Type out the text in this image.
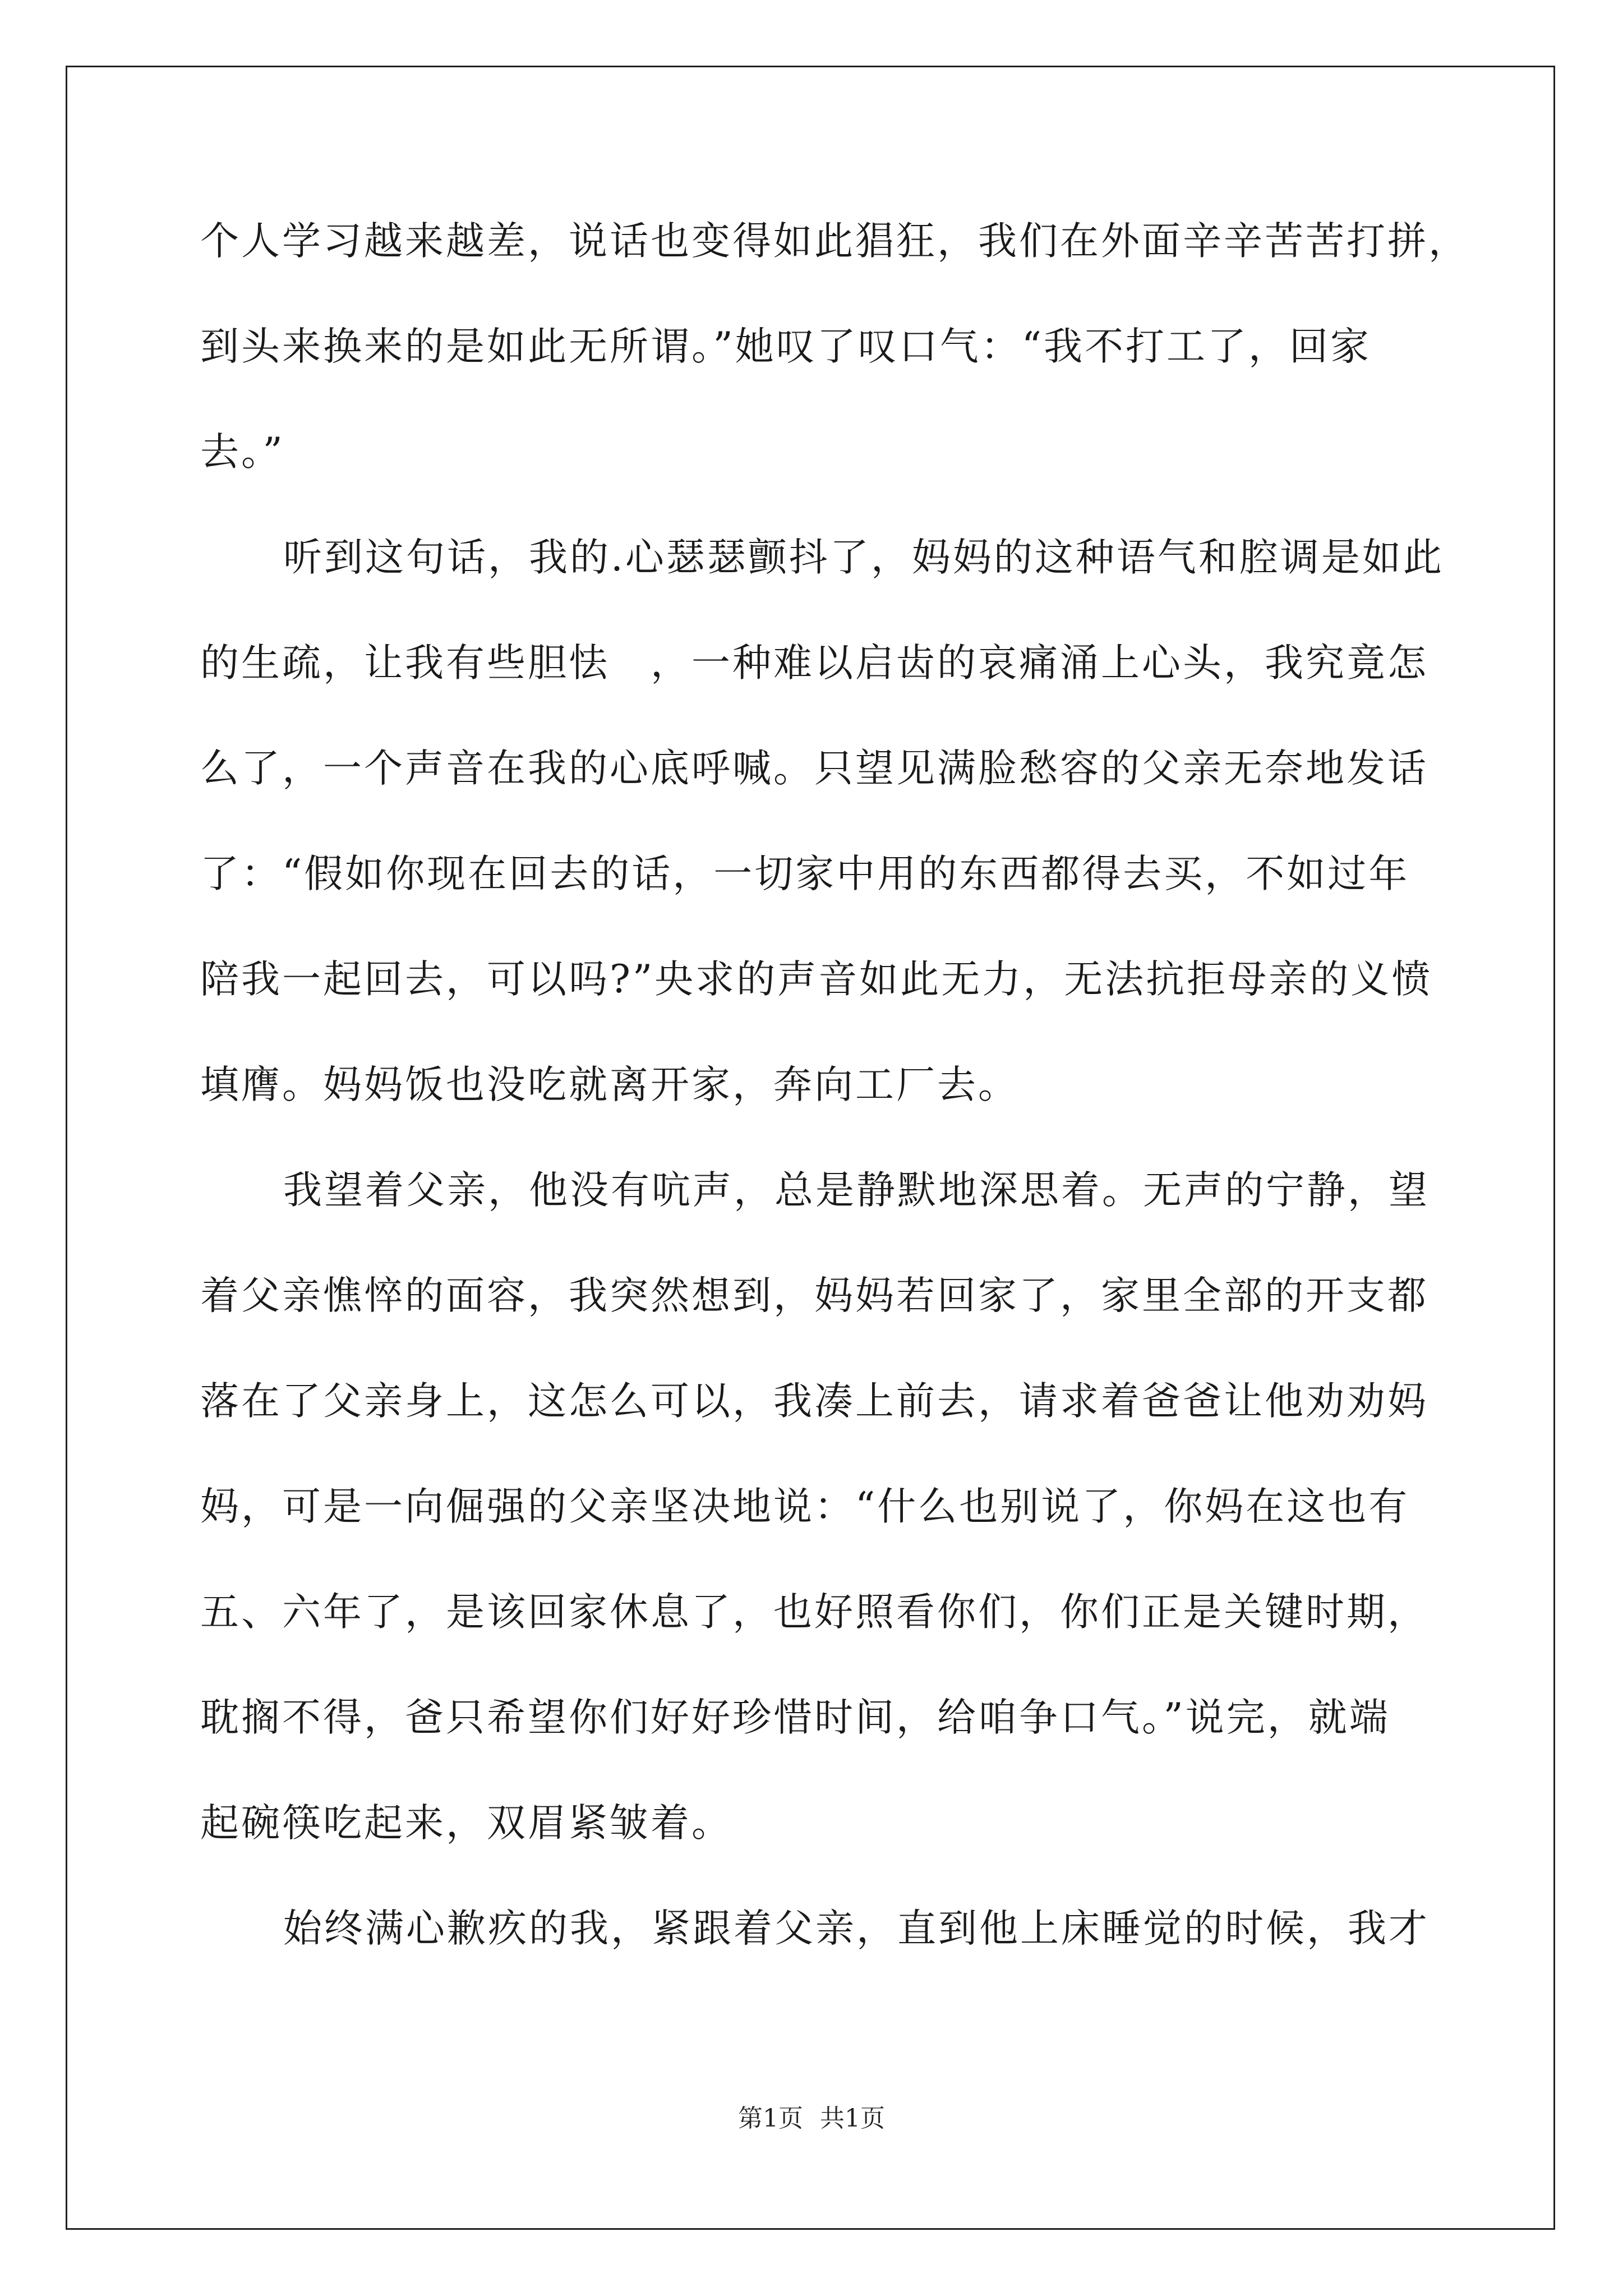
个人学习越来越差，说话也变得如此猖狂，我们在外面辛辛苦苦打拼，
到头来换来的是如此无所谓。”她叹了叹口气：“我不打工了，回家
去。”
听到这句话，我的.心瑟瑟颤抖了，妈妈的这种语气和腔调是如此
的生疏，让我有些胆怯　，一种难以启齿的哀痛涌上心头，我究竟怎
么了，一个声音在我的心底呼喊。只望见满脸愁容的父亲无奈地发话
了：“假如你现在回去的话，一切家中用的东西都得去买，不如过年
陪我一起回去，可以吗?”央求的声音如此无力，无法抗拒母亲的义愤
填膺。妈妈饭也没吃就离开家，奔向工厂去。
我望着父亲，他没有吭声，总是静默地深思着。无声的宁静，望
着父亲憔悴的面容，我突然想到，妈妈若回家了，家里全部的开支都
落在了父亲身上，这怎么可以，我凑上前去，请求着爸爸让他劝劝妈
妈，可是一向倔强的父亲坚决地说：“什么也别说了，你妈在这也有
五、六年了，是该回家休息了，也好照看你们，你们正是关键时期，
耽搁不得，爸只希望你们好好珍惜时间，给咱争口气。”说完，就端
起碗筷吃起来，双眉紧皱着。
始终满心歉疚的我，紧跟着父亲，直到他上床睡觉的时候，我才
第1页 共1页
